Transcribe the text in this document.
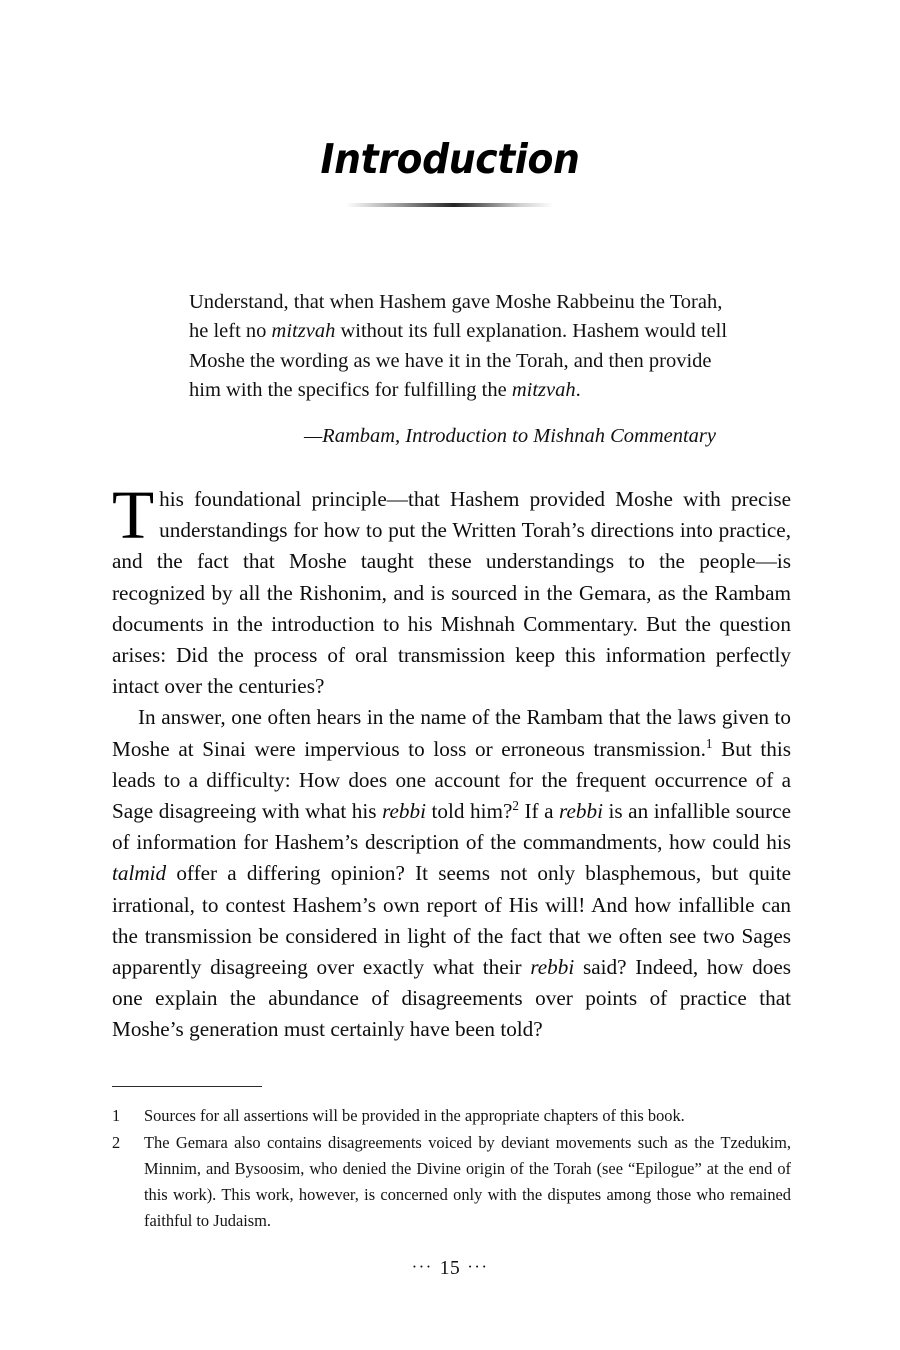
Introduction

Understand, that when Hashem gave Moshe Rabbeinu the Torah, he left no mitzvah without its full explanation. Hashem would tell Moshe the wording as we have it in the Torah, and then provide him with the specifics for fulfilling the mitzvah.

—Rambam, Introduction to Mishnah Commentary

This foundational principle—that Hashem provided Moshe with precise understandings for how to put the Written Torah’s directions into practice, and the fact that Moshe taught these understandings to the people—is recognized by all the Rishonim, and is sourced in the Gemara, as the Rambam documents in the introduction to his Mishnah Commentary. But the question arises: Did the process of oral transmission keep this information perfectly intact over the centuries?

In answer, one often hears in the name of the Rambam that the laws given to Moshe at Sinai were impervious to loss or erroneous transmission.$^1$ But this leads to a difficulty: How does one account for the frequent occurrence of a Sage disagreeing with what his rebbi told him?$^2$ If a rebbi is an infallible source of information for Hashem’s description of the commandments, how could his talmid offer a differing opinion? It seems not only blasphemous, but quite irrational, to contest Hashem’s own report of His will! And how infallible can the transmission be considered in light of the fact that we often see two Sages apparently disagreeing over exactly what their rebbi said? Indeed, how does one explain the abundance of disagreements over points of practice that Moshe’s generation must certainly have been told?

1	Sources for all assertions will be provided in the appropriate chapters of this book.
2	The Gemara also contains disagreements voiced by deviant movements such as the Tzedukim, Minnim, and Bysoosim, who denied the Divine origin of the Torah (see “Epilogue” at the end of this work). This work, however, is concerned only with the disputes among those who remained faithful to Judaism.
··· 15 ···
